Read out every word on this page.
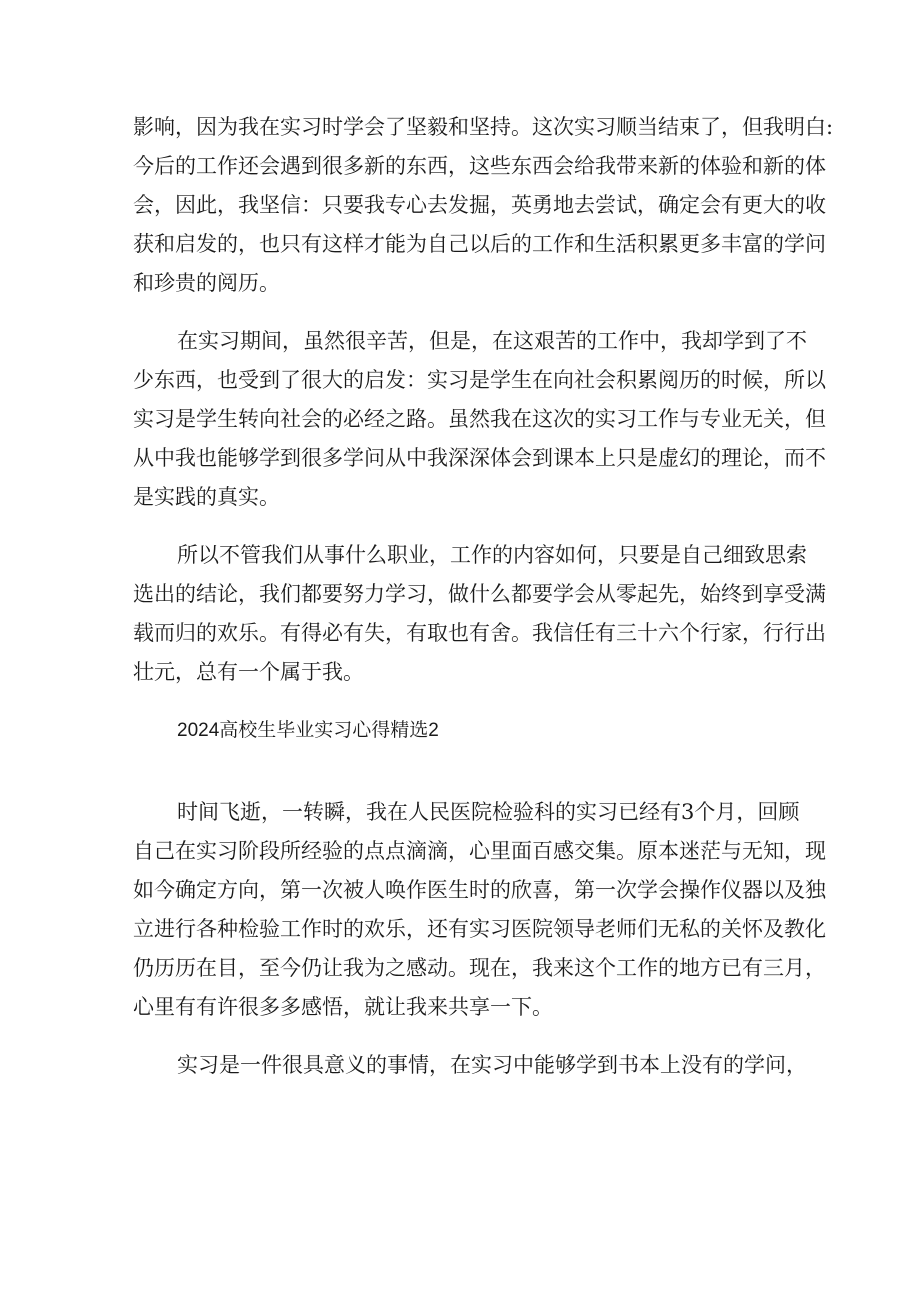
影响，因为我在实习时学会了坚毅和坚持。这次实习顺当结束了，但我明白:
今后的工作还会遇到很多新的东西，这些东西会给我带来新的体验和新的体
会，因此，我坚信：只要我专心去发掘，英勇地去尝试，确定会有更大的收
获和启发的，也只有这样才能为自己以后的工作和生活积累更多丰富的学问
和珍贵的阅历。
在实习期间，虽然很辛苦，但是，在这艰苦的工作中，我却学到了不
少东西，也受到了很大的启发：实习是学生在向社会积累阅历的时候，所以
实习是学生转向社会的必经之路。虽然我在这次的实习工作与专业无关，但
从中我也能够学到很多学问从中我深深体会到课本上只是虚幻的理论，而不
是实践的真实。
所以不管我们从事什么职业，工作的内容如何，只要是自己细致思索
选出的结论，我们都要努力学习，做什么都要学会从零起先，始终到享受满
载而归的欢乐。有得必有失，有取也有舍。我信任有三十六个行家，行行出
壮元，总有一个属于我。
2024高校生毕业实习心得精选2
时间飞逝，一转瞬，我在人民医院检验科的实习已经有3个月，回顾
自己在实习阶段所经验的点点滴滴，心里面百感交集。原本迷茫与无知，现
如今确定方向，第一次被人唤作医生时的欣喜，第一次学会操作仪器以及独
立进行各种检验工作时的欢乐，还有实习医院领导老师们无私的关怀及教化
仍历历在目，至今仍让我为之感动。现在，我来这个工作的地方已有三月，
心里有有许很多多感悟，就让我来共享一下。
实习是一件很具意义的事情，在实习中能够学到书本上没有的学问，
